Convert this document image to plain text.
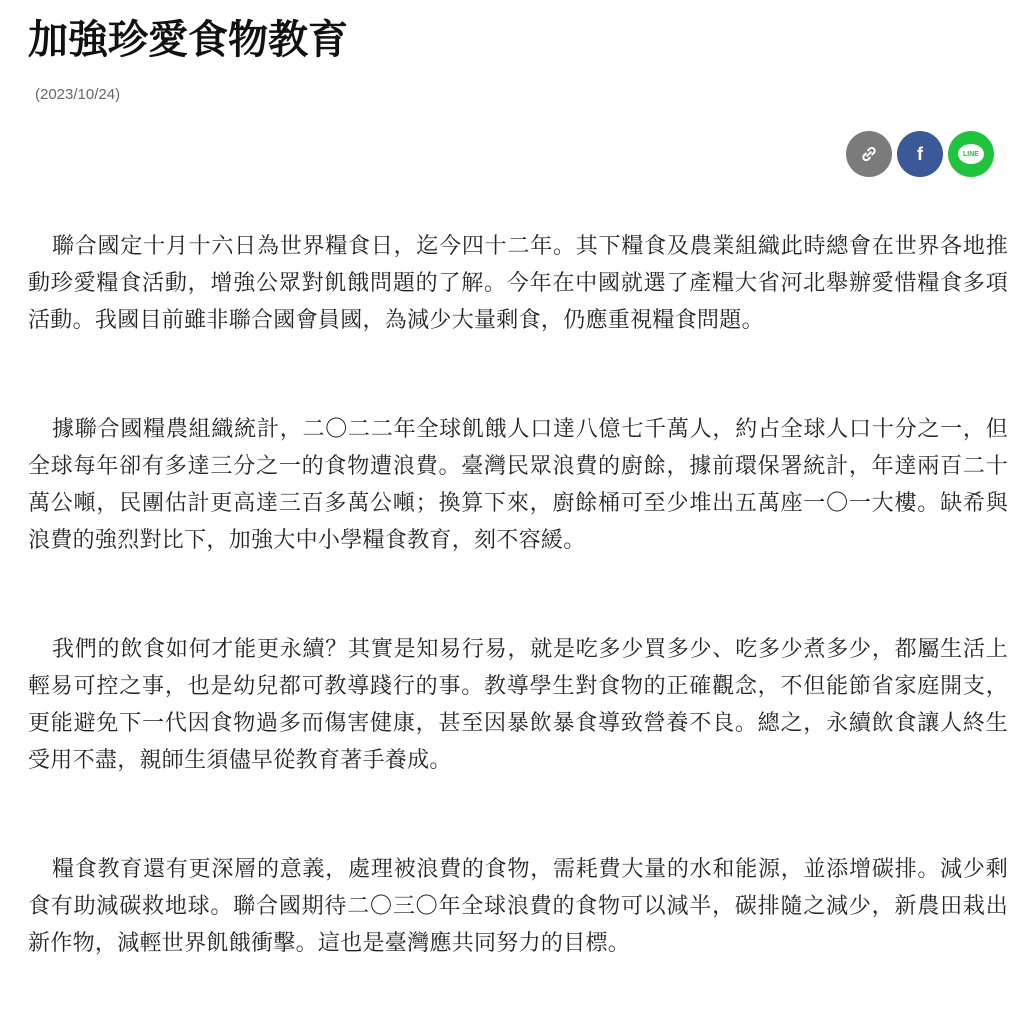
加強珍愛食物教育
(2023/10/24)
f	LINE

聯合國定十月十六日為世界糧食日，迄今四十二年。其下糧食及農業組織此時總會在世界各地推動珍愛糧食活動，增強公眾對飢餓問題的了解。今年在中國就選了產糧大省河北舉辦愛惜糧食多項活動。我國目前雖非聯合國會員國，為減少大量剩食，仍應重視糧食問題。

據聯合國糧農組織統計，二〇二二年全球飢餓人口達八億七千萬人，約占全球人口十分之一，但全球每年卻有多達三分之一的食物遭浪費。臺灣民眾浪費的廚餘，據前環保署統計，年達兩百二十萬公噸，民團估計更高達三百多萬公噸；換算下來，廚餘桶可至少堆出五萬座一〇一大樓。缺希與浪費的強烈對比下，加強大中小學糧食教育，刻不容緩。

我們的飲食如何才能更永續？其實是知易行易，就是吃多少買多少、吃多少煮多少，都屬生活上輕易可控之事，也是幼兒都可教導踐行的事。教導學生對食物的正確觀念，不但能節省家庭開支，更能避免下一代因食物過多而傷害健康，甚至因暴飲暴食導致營養不良。總之，永續飲食讓人終生受用不盡，親師生須儘早從教育著手養成。

糧食教育還有更深層的意義，處理被浪費的食物，需耗費大量的水和能源，並添增碳排。減少剩食有助減碳救地球。聯合國期待二〇三〇年全球浪費的食物可以減半，碳排隨之減少，新農田栽出新作物，減輕世界飢餓衝擊。這也是臺灣應共同努力的目標。
